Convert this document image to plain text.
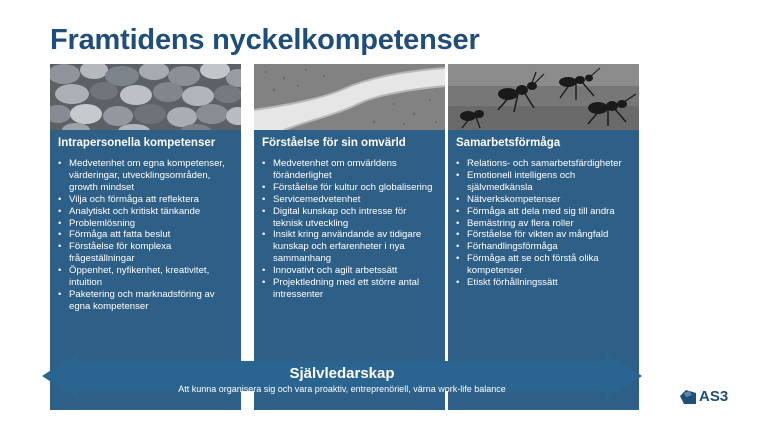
Framtidens nyckelkompetenser
Intrapersonella kompetenser
• Medvetenhet om egna kompetenser, värderingar, utvecklingsområden, growth mindset
• Vilja och förmåga att reflektera
• Analytiskt och kritiskt tänkande
• Problemlösning
• Förmåga att fatta beslut
• Förståelse för komplexa frågeställningar
• Öppenhet, nyfikenhet, kreativitet, intuition
• Paketering och marknadsföring av egna kompetenser
Förståelse för sin omvärld
• Medvetenhet om omvärldens föränderlighet
• Förståelse för kultur och globalisering
• Servicemedvetenhet
• Digital kunskap och intresse för teknisk utveckling
• Insikt kring användande av tidigare kunskap och erfarenheter i nya sammanhang
• Innovativt och agilt arbetssätt
• Projektledning med ett större antal intressenter
Samarbetsförmåga
• Relations- och samarbetsfärdigheter
• Emotionell intelligens och självmedkänsla
• Nätverkskompetenser
• Förmåga att dela med sig till andra
• Bemästring av flera roller
• Förståelse för vikten av mångfald
• Förhandlingsförmåga
• Förmåga att se och förstå olika kompetenser
• Etiskt förhållningssätt
Självledarskap
Att kunna organisera sig och vara proaktiv, entreprenöriell, värna work-life balance	AS3
